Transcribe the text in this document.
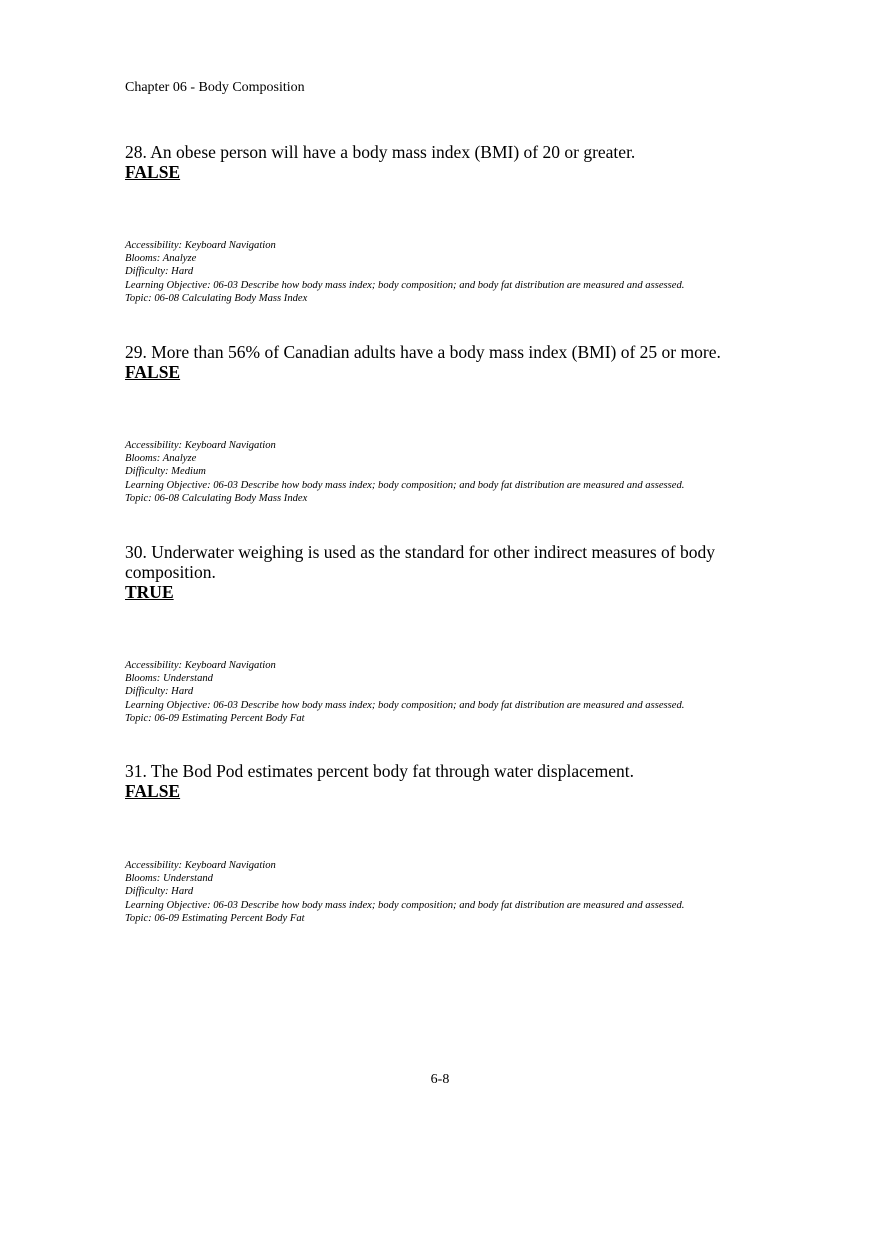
Chapter 06 - Body Composition
28. An obese person will have a body mass index (BMI) of 20 or greater.
FALSE
Accessibility: Keyboard Navigation
Blooms: Analyze
Difficulty: Hard
Learning Objective: 06-03 Describe how body mass index; body composition; and body fat distribution are measured and assessed.
Topic: 06-08 Calculating Body Mass Index
29. More than 56% of Canadian adults have a body mass index (BMI) of 25 or more.
FALSE
Accessibility: Keyboard Navigation
Blooms: Analyze
Difficulty: Medium
Learning Objective: 06-03 Describe how body mass index; body composition; and body fat distribution are measured and assessed.
Topic: 06-08 Calculating Body Mass Index
30. Underwater weighing is used as the standard for other indirect measures of body composition.
TRUE
Accessibility: Keyboard Navigation
Blooms: Understand
Difficulty: Hard
Learning Objective: 06-03 Describe how body mass index; body composition; and body fat distribution are measured and assessed.
Topic: 06-09 Estimating Percent Body Fat
31. The Bod Pod estimates percent body fat through water displacement.
FALSE
Accessibility: Keyboard Navigation
Blooms: Understand
Difficulty: Hard
Learning Objective: 06-03 Describe how body mass index; body composition; and body fat distribution are measured and assessed.
Topic: 06-09 Estimating Percent Body Fat
6-8
